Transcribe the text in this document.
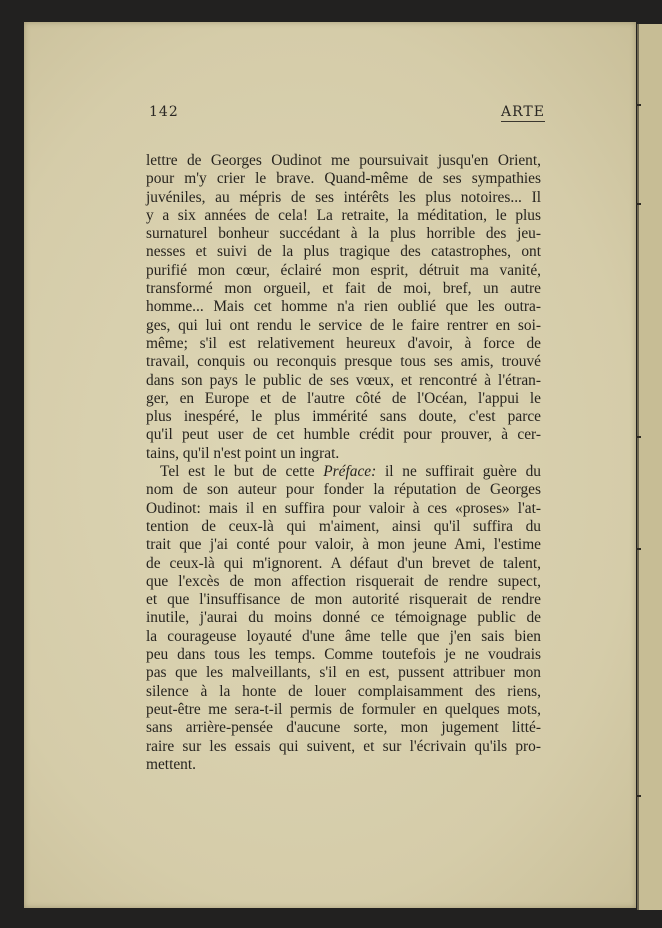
142	ARTE
lettre de Georges Oudinot me poursuivait jusqu'en Orient,
pour m'y crier le brave. Quand-même de ses sympathies
juvéniles, au mépris de ses intérêts les plus notoires... Il
y a six années de cela! La retraite, la méditation, le plus
surnaturel bonheur succédant à la plus horrible des jeu-
nesses et suivi de la plus tragique des catastrophes, ont
purifié mon cœur, éclairé mon esprit, détruit ma vanité,
transformé mon orgueil, et fait de moi, bref, un autre
homme... Mais cet homme n'a rien oublié que les outra-
ges, qui lui ont rendu le service de le faire rentrer en soi-
même; s'il est relativement heureux d'avoir, à force de
travail, conquis ou reconquis presque tous ses amis, trouvé
dans son pays le public de ses vœux, et rencontré à l'étran-
ger, en Europe et de l'autre côté de l'Océan, l'appui le
plus inespéré, le plus immérité sans doute, c'est parce
qu'il peut user de cet humble crédit pour prouver, à cer-
tains, qu'il n'est point un ingrat.
Tel est le but de cette Préface: il ne suffirait guère du
nom de son auteur pour fonder la réputation de Georges
Oudinot: mais il en suffira pour valoir à ces «proses» l'at-
tention de ceux-là qui m'aiment, ainsi qu'il suffira du
trait que j'ai conté pour valoir, à mon jeune Ami, l'estime
de ceux-là qui m'ignorent. A défaut d'un brevet de talent,
que l'excès de mon affection risquerait de rendre supect,
et que l'insuffisance de mon autorité risquerait de rendre
inutile, j'aurai du moins donné ce témoignage public de
la courageuse loyauté d'une âme telle que j'en sais bien
peu dans tous les temps. Comme toutefois je ne voudrais
pas que les malveillants, s'il en est, pussent attribuer mon
silence à la honte de louer complaisamment des riens,
peut-être me sera-t-il permis de formuler en quelques mots,
sans arrière-pensée d'aucune sorte, mon jugement litté-
raire sur les essais qui suivent, et sur l'écrivain qu'ils pro-
mettent.
